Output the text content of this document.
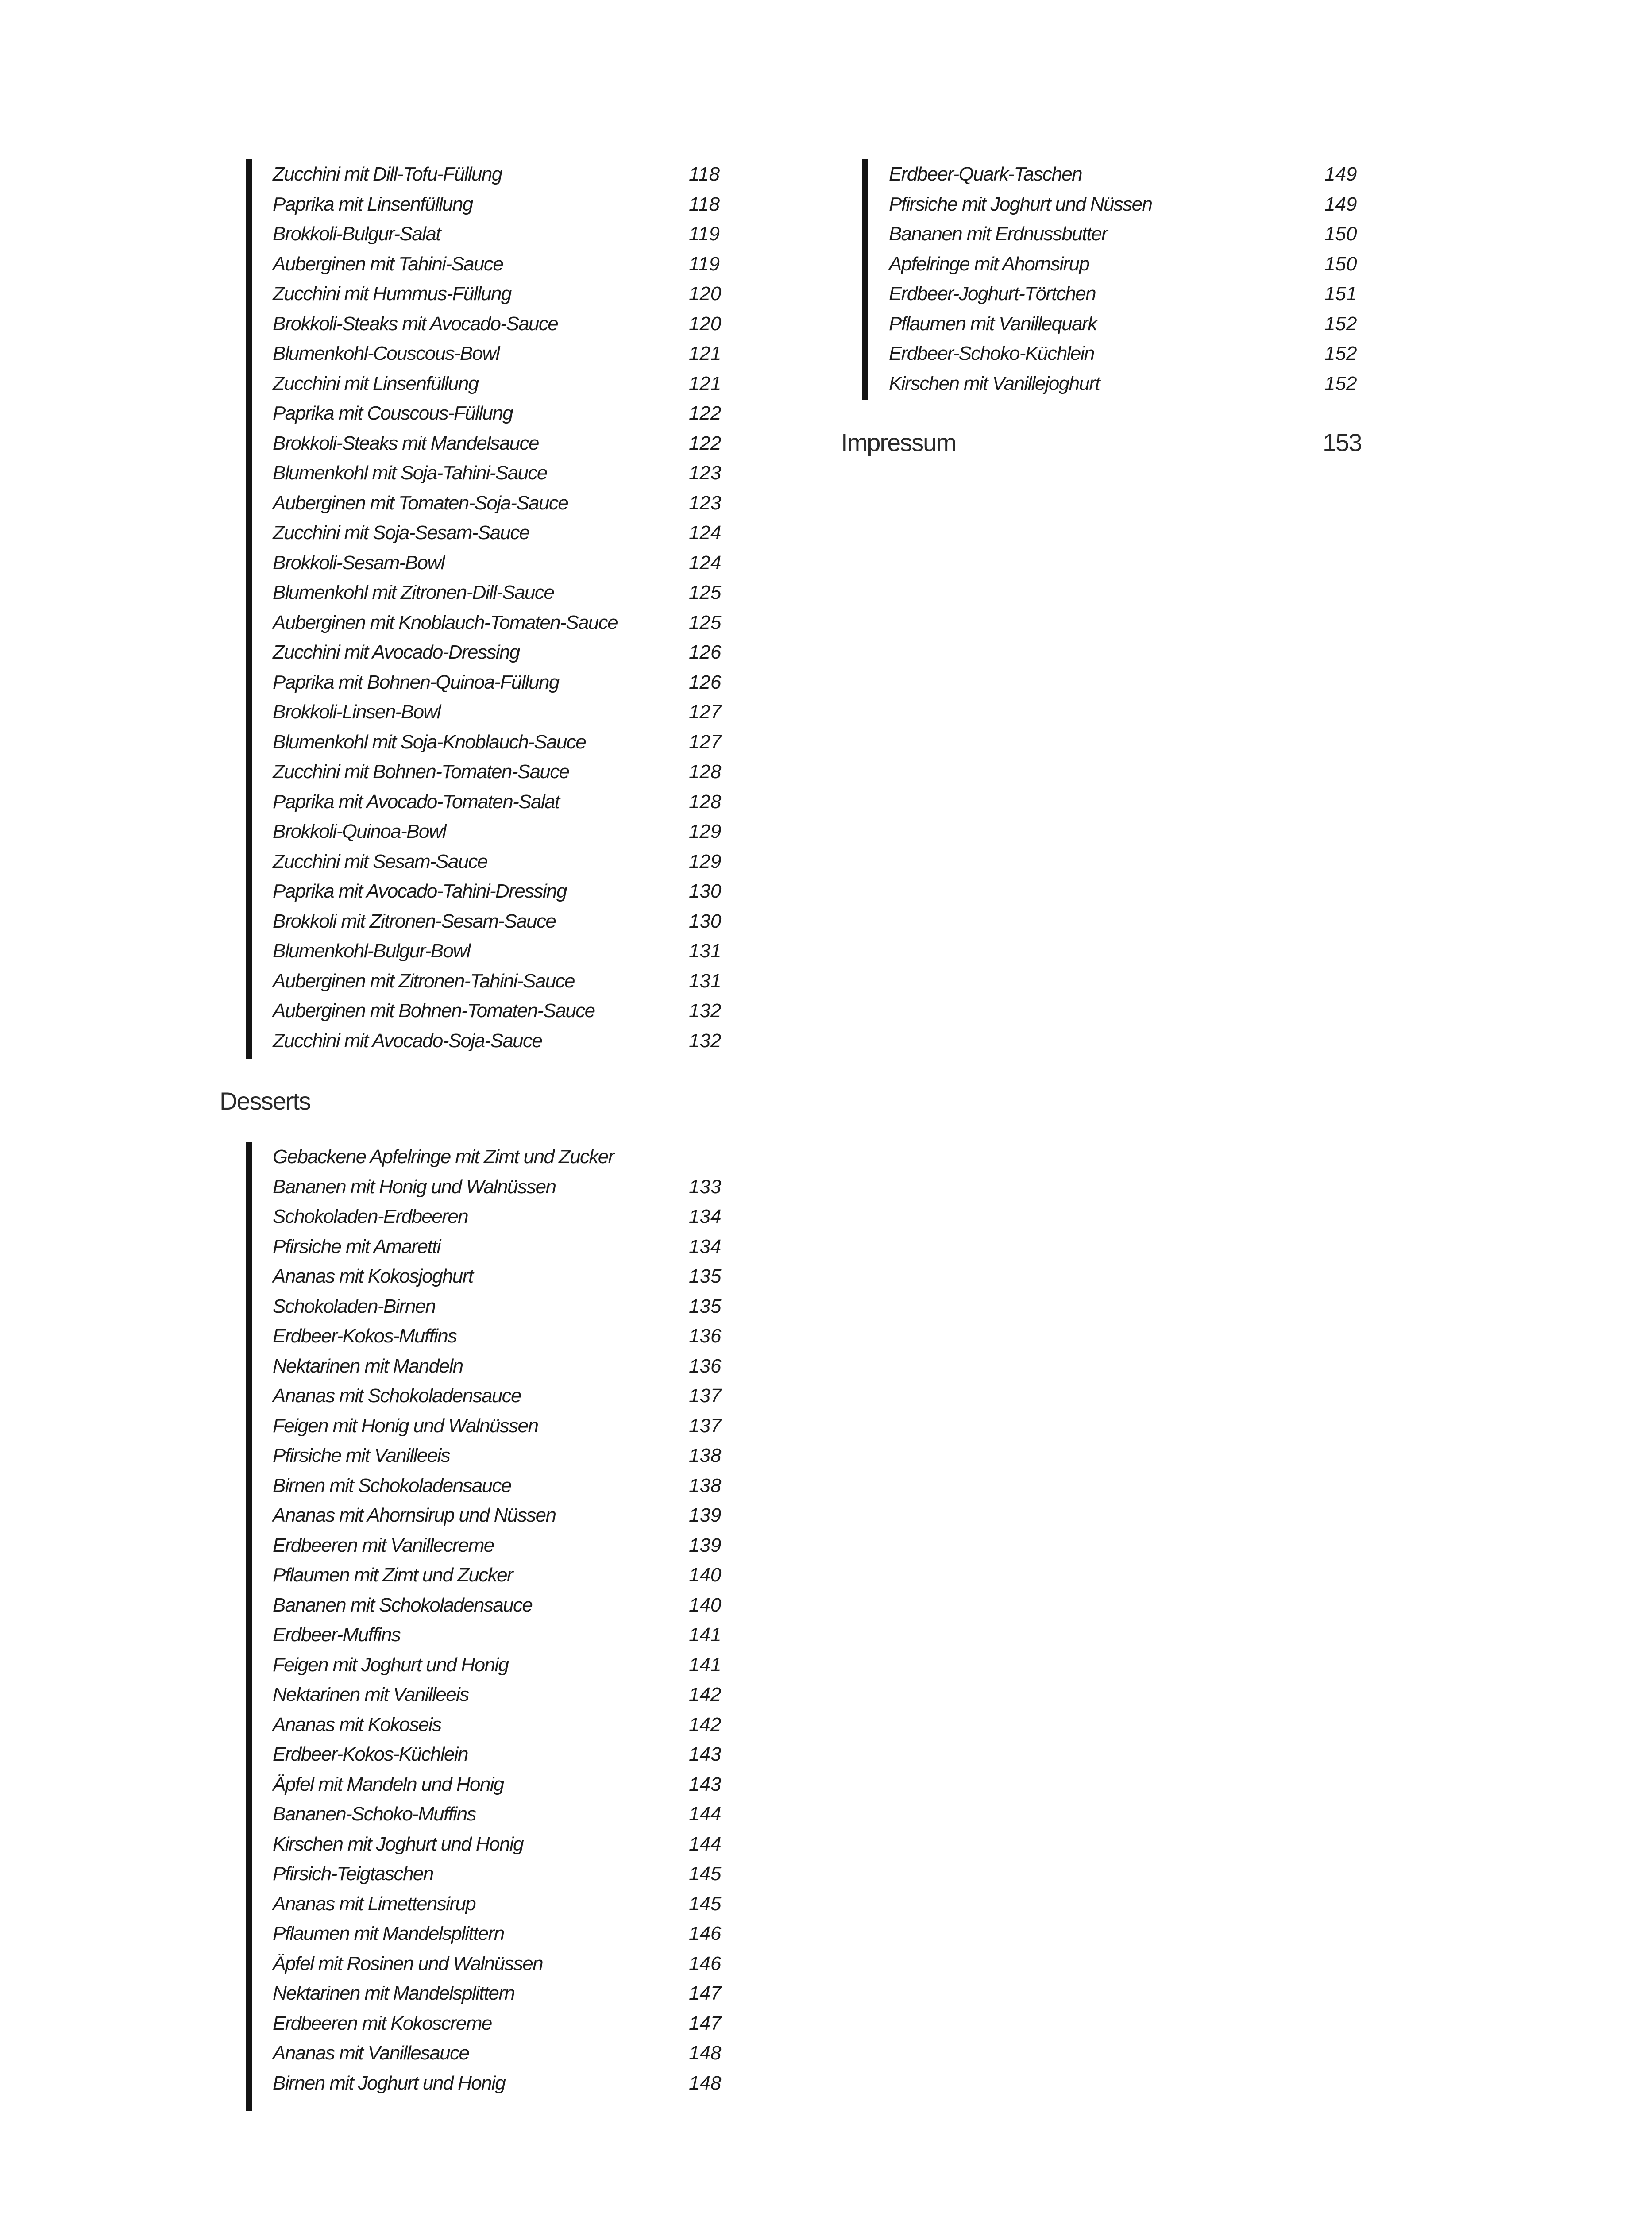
Zucchini mit Dill-Tofu-Füllung	118
Paprika mit Linsenfüllung	118
Brokkoli-Bulgur-Salat	119
Auberginen mit Tahini-Sauce	119
Zucchini mit Hummus-Füllung	120
Brokkoli-Steaks mit Avocado-Sauce	120
Blumenkohl-Couscous-Bowl	121
Zucchini mit Linsenfüllung	121
Paprika mit Couscous-Füllung	122
Brokkoli-Steaks mit Mandelsauce	122
Blumenkohl mit Soja-Tahini-Sauce	123
Auberginen mit Tomaten-Soja-Sauce	123
Zucchini mit Soja-Sesam-Sauce	124
Brokkoli-Sesam-Bowl	124
Blumenkohl mit Zitronen-Dill-Sauce	125
Auberginen mit Knoblauch-Tomaten-Sauce	125
Zucchini mit Avocado-Dressing	126
Paprika mit Bohnen-Quinoa-Füllung	126
Brokkoli-Linsen-Bowl	127
Blumenkohl mit Soja-Knoblauch-Sauce	127
Zucchini mit Bohnen-Tomaten-Sauce	128
Paprika mit Avocado-Tomaten-Salat	128
Brokkoli-Quinoa-Bowl	129
Zucchini mit Sesam-Sauce	129
Paprika mit Avocado-Tahini-Dressing	130
Brokkoli mit Zitronen-Sesam-Sauce	130
Blumenkohl-Bulgur-Bowl	131
Auberginen mit Zitronen-Tahini-Sauce	131
Auberginen mit Bohnen-Tomaten-Sauce	132
Zucchini mit Avocado-Soja-Sauce	132
Desserts
Gebackene Apfelringe mit Zimt und Zucker
Bananen mit Honig und Walnüssen	133
Schokoladen-Erdbeeren	134
Pfirsiche mit Amaretti	134
Ananas mit Kokosjoghurt	135
Schokoladen-Birnen	135
Erdbeer-Kokos-Muffins	136
Nektarinen mit Mandeln	136
Ananas mit Schokoladensauce	137
Feigen mit Honig und Walnüssen	137
Pfirsiche mit Vanilleeis	138
Birnen mit Schokoladensauce	138
Ananas mit Ahornsirup und Nüssen	139
Erdbeeren mit Vanillecreme	139
Pflaumen mit Zimt und Zucker	140
Bananen mit Schokoladensauce	140
Erdbeer-Muffins	141
Feigen mit Joghurt und Honig	141
Nektarinen mit Vanilleeis	142
Ananas mit Kokoseis	142
Erdbeer-Kokos-Küchlein	143
Äpfel mit Mandeln und Honig	143
Bananen-Schoko-Muffins	144
Kirschen mit Joghurt und Honig	144
Pfirsich-Teigtaschen	145
Ananas mit Limettensirup	145
Pflaumen mit Mandelsplittern	146
Äpfel mit Rosinen und Walnüssen	146
Nektarinen mit Mandelsplittern	147
Erdbeeren mit Kokoscreme	147
Ananas mit Vanillesauce	148
Birnen mit Joghurt und Honig	148
Erdbeer-Quark-Taschen	149
Pfirsiche mit Joghurt und Nüssen	149
Bananen mit Erdnussbutter	150
Apfelringe mit Ahornsirup	150
Erdbeer-Joghurt-Törtchen	151
Pflaumen mit Vanillequark	152
Erdbeer-Schoko-Küchlein	152
Kirschen mit Vanillejoghurt	152
Impressum	153
